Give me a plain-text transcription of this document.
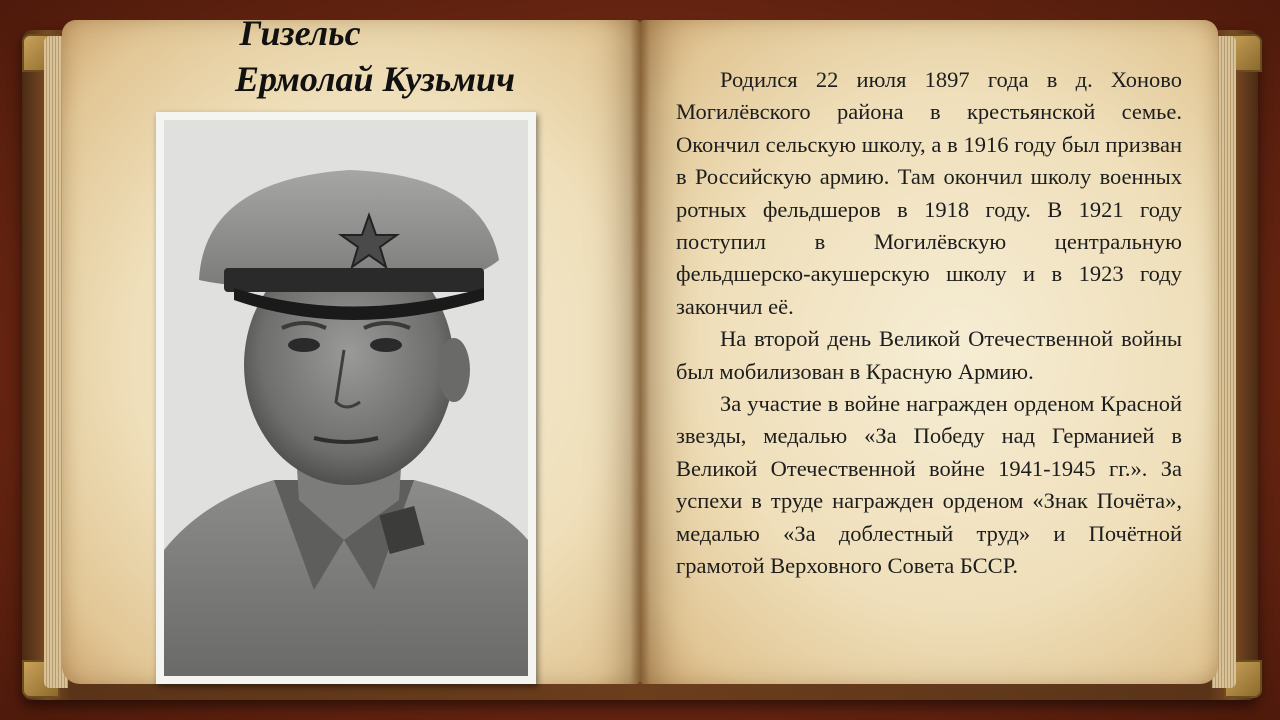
Гизельс
Ермолай Кузьмич	Родился 22 июля 1897 года в д. Хоново Могилёвского района в крестьянской семье. Окончил сельскую школу, а в 1916 году был призван в Российскую армию. Там окончил школу военных ротных фельдшеров в 1918 году. В 1921 году поступил в Могилёвскую центральную фельдшерско-акушерскую школу и в 1923 году закончил её.

На второй день Великой Отечественной войны был мобилизован в Красную Армию.

За участие в войне награжден орденом Красной звезды, медалью «За Победу над Германией в Великой Отечественной войне 1941-1945 гг.». За успехи в труде награжден орденом «Знак Почёта», медалью «За доблестный труд» и Почётной грамотой Верховного Совета БССР.
